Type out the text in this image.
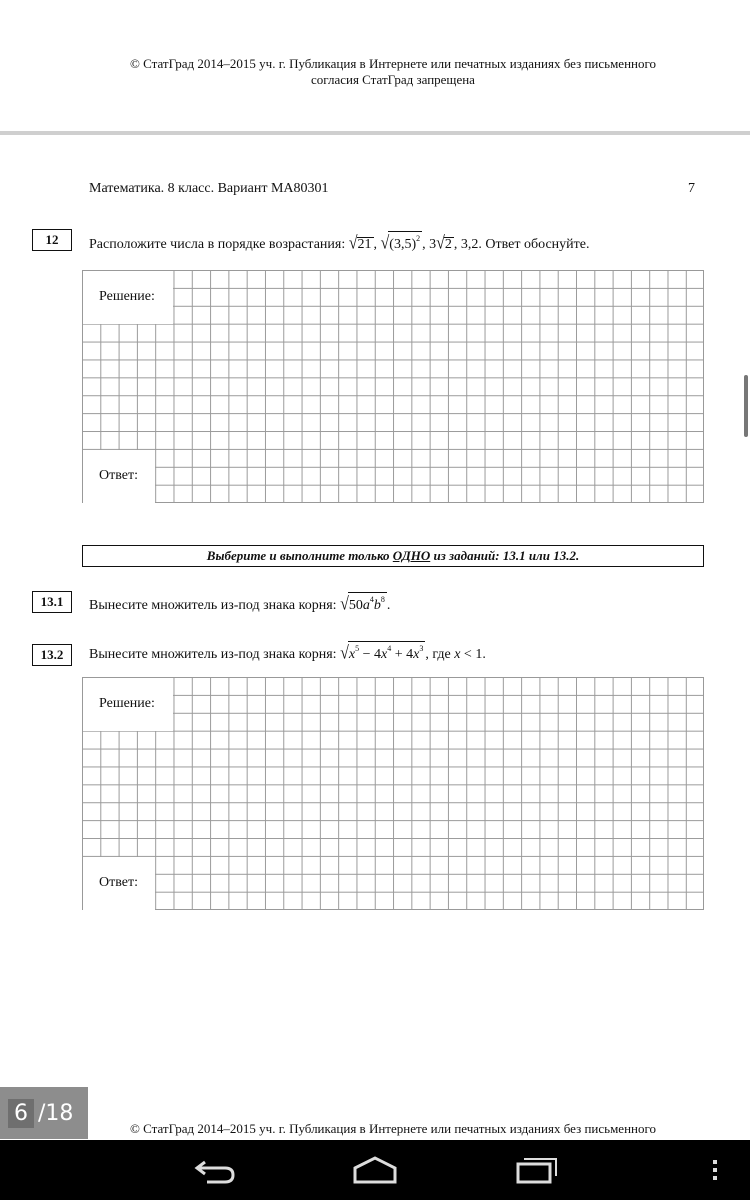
© СтатГрад 2014–2015 уч. г. Публикация в Интернете или печатных изданиях без письменного
согласия СтатГрад запрещена
Математика. 8 класс. Вариант МА80301	7
12	Расположите числа в порядке возрастания: √21 , $√(3,5)^2$ , 3√2 , 3,2. Ответ обоснуйте.
Решение:
Ответ:
Выберите и выполните только ОДНО из заданий: 13.1 или 13.2.
13.1	Вынесите множитель из-под знака корня: $√50a^4b^8$ .
13.2	Вынесите множитель из-под знака корня: $√x^5 - 4x^4 + 4x^3$ , где x < 1.
Решение:
Ответ:
© СтатГрад 2014–2015 уч. г. Публикация в Интернете или печатных изданиях без письменного
6 /18
